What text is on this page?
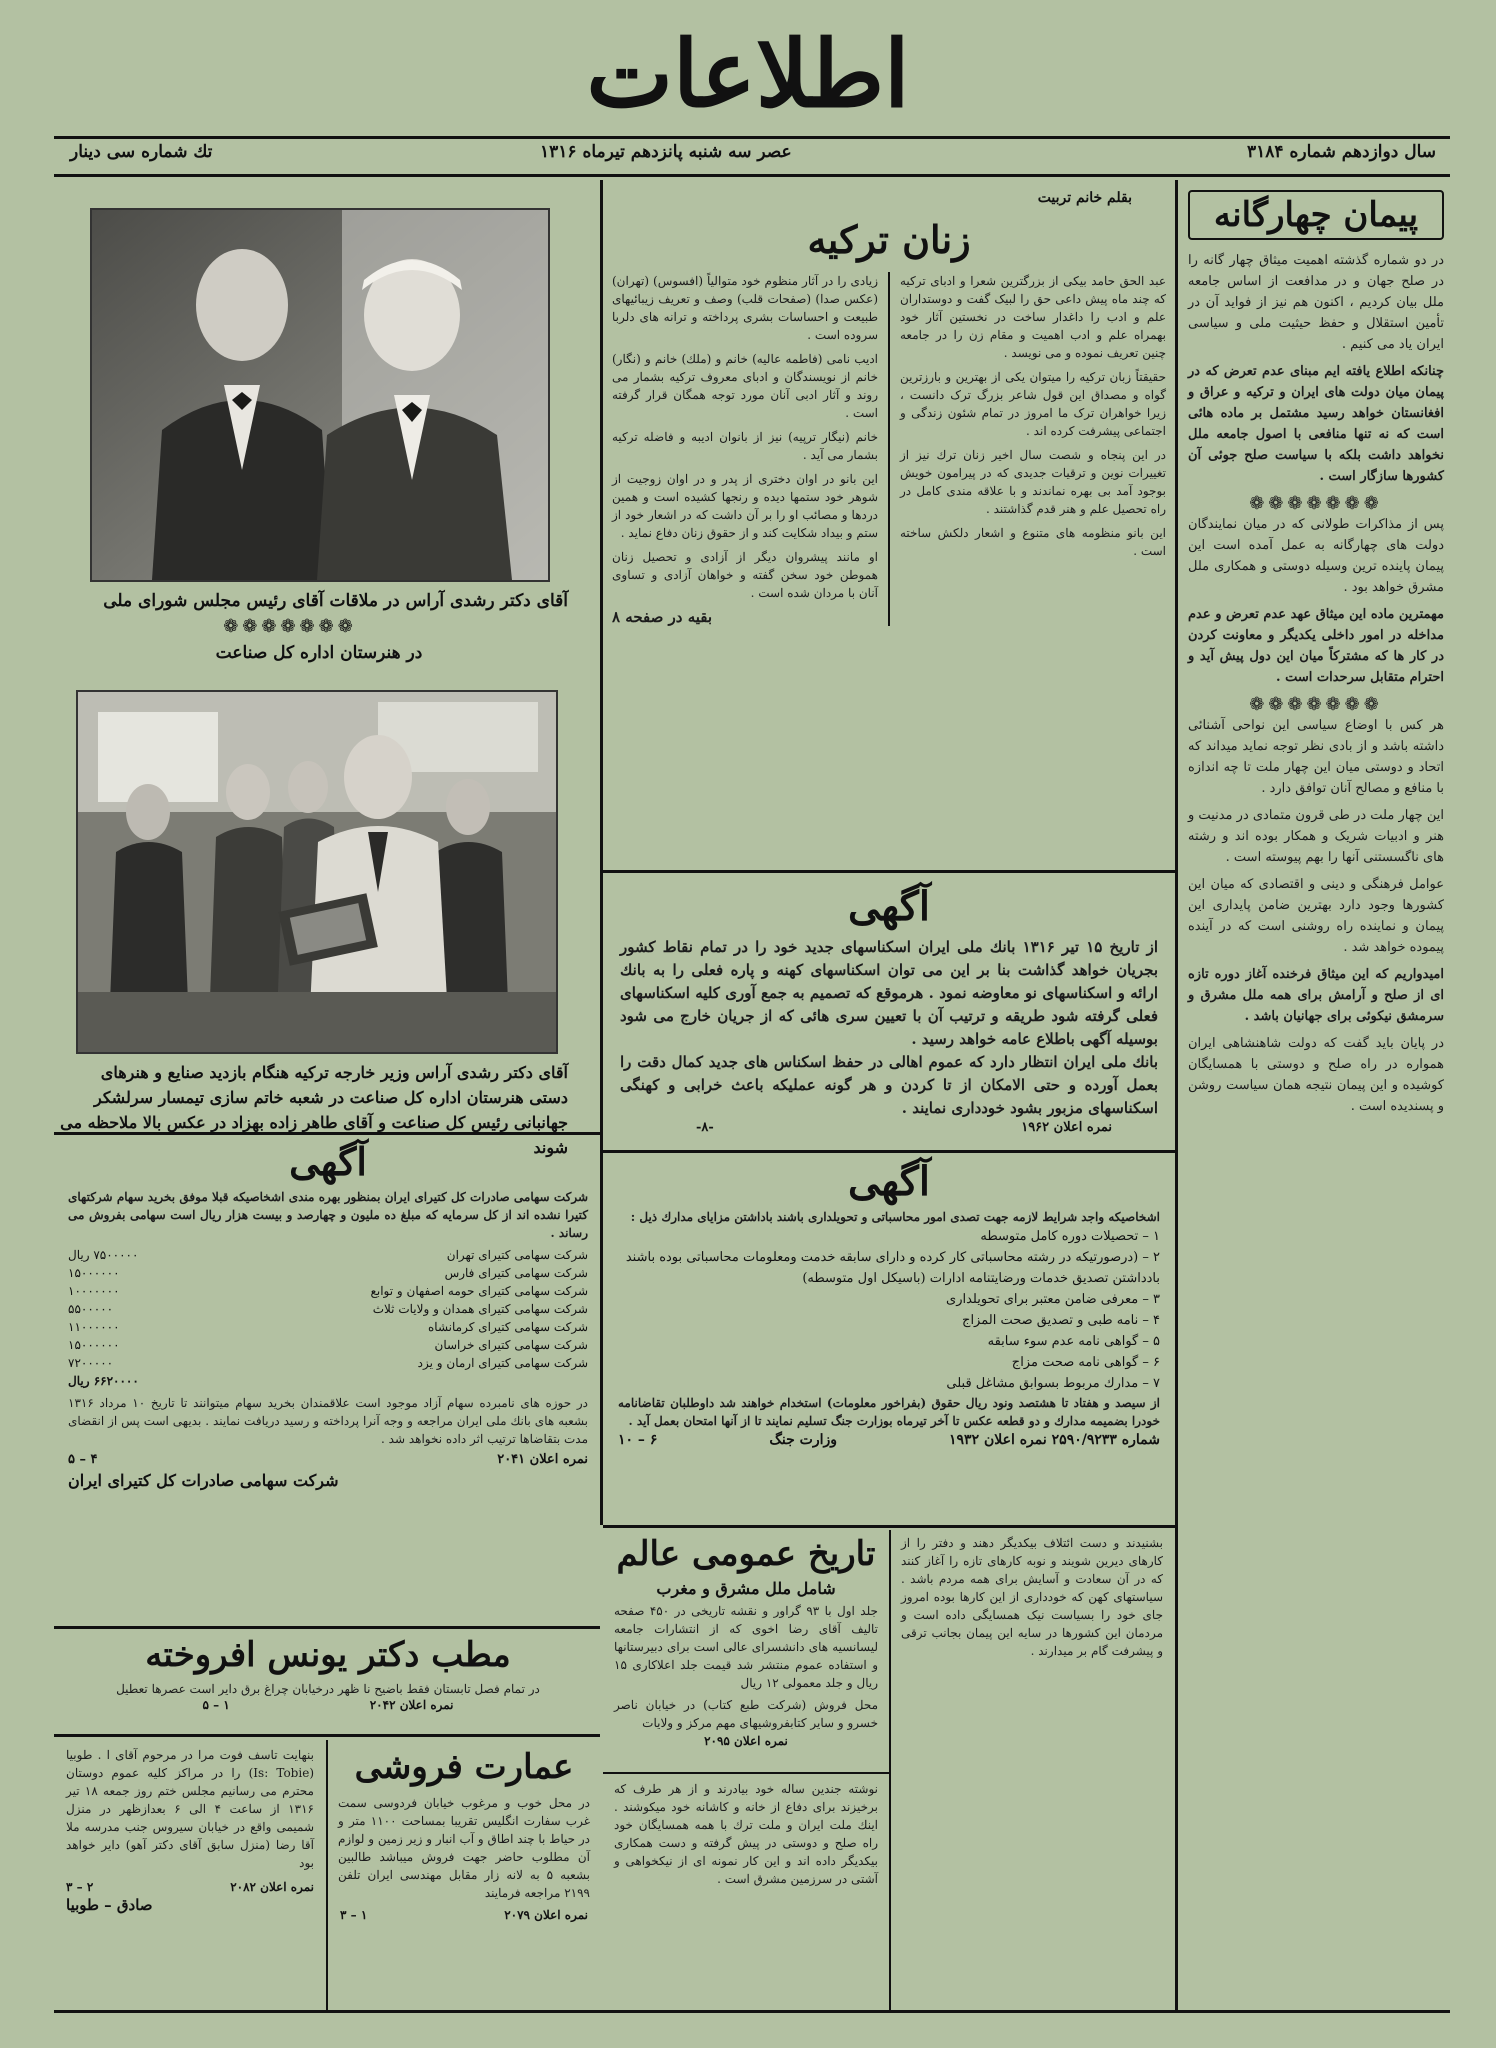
اطلاعات
سال دوازدهم شماره ۳۱۸۴
عصر سه شنبه پانزدهم تیرماه ۱۳۱۶
تك شماره سی دینار
پیمان چهارگانه

در دو شماره گذشته اهمیت میثاق چهار گانه را در صلح جهان و در مدافعت از اساس جامعه ملل بیان کردیم ، اکنون هم نیز از فواید آن در تأمین استقلال و حفظ حیثیت ملی و سیاسی ایران یاد می کنیم .

چنانکه اطلاع یافته ایم مبنای عدم تعرض که در پیمان میان دولت های ایران و ترکیه و عراق و افغانستان خواهد رسید مشتمل بر ماده هائی است که نه تنها منافعی با اصول جامعه ملل نخواهد داشت بلکه با سیاست صلح جوئی آن کشورها سازگار است .

❁❁❁❁❁❁❁

پس از مذاکرات طولانی که در میان نمایندگان دولت های چهارگانه به عمل آمده است این پیمان پاینده ترین وسیله دوستی و همکاری ملل مشرق خواهد بود .

مهمترین ماده این میثاق عهد عدم تعرض و عدم مداخله در امور داخلی یکدیگر و معاونت کردن در کار ها که مشترکاً میان این دول پیش آید و احترام متقابل سرحدات است .

❁❁❁❁❁❁❁

هر کس با اوضاع سیاسی این نواحی آشنائی داشته باشد و از بادی نظر توجه نماید میداند که اتحاد و دوستی میان این چهار ملت تا چه اندازه با منافع و مصالح آنان توافق دارد .

این چهار ملت در طی قرون متمادی در مدنیت و هنر و ادبیات شریک و همکار بوده اند و رشته های ناگسستنی آنها را بهم پیوسته است .

عوامل فرهنگی و دینی و اقتصادی که میان این کشورها وجود دارد بهترین ضامن پایداری این پیمان و نماینده راه روشنی است که در آینده پیموده خواهد شد .

امیدواریم که این میثاق فرخنده آغاز دوره تازه ای از صلح و آرامش برای همه ملل مشرق و سرمشق نیکوئی برای جهانیان باشد .

در پایان باید گفت که دولت شاهنشاهی ایران همواره در راه صلح و دوستی با همسایگان کوشیده و این پیمان نتیجه همان سیاست روشن و پسندیده است .

بقلم خانم تربیت
زنان ترکیه

عبد الحق حامد بیکی از بزرگترین شعرا و ادبای ترکیه که چند ماه پیش داعی حق را لبیک گفت و دوستداران علم و ادب را داغدار ساخت در نخستین آثار خود بهمراه علم و ادب اهمیت و مقام زن را در جامعه چنین تعریف نموده و می نویسد .

حقیقتاً زبان ترکیه را میتوان یکی از بهترین و بارزترین گواه و مصداق این قول شاعر بزرگ ترک دانست ، زیرا خواهران ترک ما امروز در تمام شئون زندگی و اجتماعی پیشرفت کرده اند .

در این پنجاه و شصت سال اخیر زنان ترك نیز از تغییرات نوین و ترقیات جدیدی که در پیرامون خویش بوجود آمد بی بهره نماندند و با علاقه مندی کامل در راه تحصیل علم و هنر قدم گذاشتند .

این بانو منظومه های متنوع و اشعار دلکش ساخته است .

زیادی را در آثار منظوم خود متوالیاً (افسوس) (تهران) (عکس صدا) (صفحات قلب) وصف و تعریف زیبائیهای طبیعت و احساسات بشری پرداخته و ترانه های دلربا سروده است .

ادیب نامی (فاطمه عالیه) خانم و (ملك) خانم و (نگار) خانم از نویسندگان و ادبای معروف ترکیه بشمار می روند و آثار ادبی آنان مورد توجه همگان قرار گرفته است .

خانم (نیگار ترپیه) نیز از بانوان ادیبه و فاضله ترکیه بشمار می آید .

این بانو در اوان دختری از پدر و در اوان زوجیت از شوهر خود ستمها دیده و رنجها کشیده است و همین دردها و مصائب او را بر آن داشت که در اشعار خود از ستم و بیداد شکایت کند و از حقوق زنان دفاع نماید .

او مانند پیشروان دیگر از آزادی و تحصیل زنان هموطن خود سخن گفته و خواهان آزادی و تساوی آنان با مردان شده است .

بقیه در صفحه ۸
آگهی
از تاریخ ۱۵ تیر ۱۳۱۶ بانك ملی ایران اسکناسهای جدید خود را در تمام نقاط کشور بجریان خواهد گذاشت بنا بر این می توان اسکناسهای کهنه و پاره فعلی را به بانك ارائه و اسکناسهای نو معاوضه نمود . هرموقع که تصمیم به جمع آوری کلیه اسکناسهای فعلی گرفته شود طریقه و ترتیب آن با تعیین سری هائی که از جریان خارج می شود بوسیله آگهی باطلاع عامه خواهد رسید .
بانك ملی ایران انتظار دارد که عموم اهالی در حفظ اسکناس های جدید کمال دقت را بعمل آورده و حتی الامکان از تا کردن و هر گونه عملیکه باعث خرابی و کهنگی اسکناسهای مزبور بشود خودداری نمایند .
نمره اعلان ۱۹۶۲
-۸-
آگهی
اشخاصیکه واجد شرایط لازمه جهت تصدی امور محاسباتی و تحویلداری باشند باداشتن مزایای مدارك ذیل :
۱ – تحصیلات دوره کامل متوسطه
۲ – (درصورتیکه در رشته محاسباتی کار کرده و دارای سابقه خدمت ومعلومات محاسباتی بوده باشند بادداشتن تصدیق خدمات ورضایتنامه ادارات (باسیکل اول متوسطه)
۳ – معرفی ضامن معتبر برای تحویلداری
۴ – نامه طبی و تصدیق صحت المزاج
۵ – گواهی نامه عدم سوء سابقه
۶ – گواهی نامه صحت مزاج
۷ – مدارك مربوط بسوابق مشاغل قبلی
از سیصد و هفتاد تا هشتصد ونود ریال حقوق (بفراخور معلومات) استخدام خواهند شد داوطلبان تقاضانامه خودرا بضمیمه مدارك و دو قطعه عکس تا آخر تیرماه بوزارت جنگ تسلیم نمایند تا از آنها امتحان بعمل آید .
شماره ۲۵۹۰/۹۲۳۳ نمره اعلان ۱۹۳۲
وزارت جنگ
۶ – ۱۰
بشنیدند و دست ائتلاف بیکدیگر دهند و دفتر را از کارهای دیرین شویند و نوبه کارهای تازه را آغاز کنند که در آن سعادت و آسایش برای همه مردم باشد . سیاستهای کهن که خودداری از این کارها بوده امروز جای خود را بسیاست نیک همسایگی داده است و مردمان این کشورها در سایه این پیمان بجانب ترقی و پیشرفت گام بر میدارند .
تاریخ عمومی عالم
شامل ملل مشرق و مغرب
جلد اول با ۹۳ گراور و نقشه تاریخی در ۴۵۰ صفحه تالیف آقای رضا اخوی که از انتشارات جامعه لیسانسیه های دانشسرای عالی است برای دبیرستانها و استفاده عموم منتشر شد قیمت جلد اعلاکاری ۱۵ ریال و جلد معمولی ۱۲ ریال
محل فروش (شرکت طبع کتاب) در خیابان ناصر خسرو و سایر کتابفروشیهای مهم مرکز و ولایات
نمره اعلان ۲۰۹۵
نوشته جندین ساله خود بیادرند و از هر طرف که برخیزند برای دفاع از خانه و کاشانه خود میکوشند . اینك ملت ایران و ملت ترك با همه همسایگان خود راه صلح و دوستی در پیش گرفته و دست همکاری بیکدیگر داده اند و این کار نمونه ای از نیکخواهی و آشتی در سرزمین مشرق است .
آقای دکتر رشدی آراس در ملاقات آقای رئیس مجلس شورای ملی
❁❁❁❁❁❁❁
در هنرستان اداره کل صناعت
آقای دکتر رشدی آراس وزیر خارجه ترکیه هنگام بازدید صنایع و هنرهای دستی هنرستان اداره کل صناعت در شعبه خاتم سازی تیمسار سرلشکر جهانبانی رئیس کل صناعت و آقای طاهر زاده بهزاد در عکس بالا ملاحظه می شوند
آگهی
شرکت سهامی صادرات کل کتیرای ایران بمنظور بهره مندی اشخاصیکه قبلا موفق بخرید سهام شرکتهای کتیرا نشده اند از کل سرمایه که مبلغ ده ملیون و چهارصد و بیست هزار ریال است سهامی بفروش می رساند .
شرکت سهامی کتیرای تهران
۷۵۰۰۰۰۰ ریال
شرکت سهامی کتیرای فارس
۱۵۰۰۰۰۰۰
شرکت سهامی کتیرای حومه اصفهان و توابع
۱۰۰۰۰۰۰۰
شرکت سهامی کتیرای همدان و ولایات ثلاث
۵۵۰۰۰۰۰
شرکت سهامی کتیرای کرمانشاه
۱۱۰۰۰۰۰۰
شرکت سهامی کتیرای خراسان
۱۵۰۰۰۰۰۰
شرکت سهامی کتیرای ارمان و یزد
۷۲۰۰۰۰۰
۶۶۲۰۰۰۰ ریال
در حوزه های نامبرده سهام آزاد موجود است علاقمندان بخرید سهام میتوانند تا تاریخ ۱۰ مرداد ۱۳۱۶ بشعبه های بانك ملی ایران مراجعه و وجه آنرا پرداخته و رسید دریافت نمایند . بدیهی است پس از انقضای مدت بتقاضاها ترتیب اثر داده نخواهد شد .
نمره اعلان ۲۰۴۱
۴ – ۵
شرکت سهامی صادرات کل کتیرای ایران
مطب دکتر یونس افروخته
در تمام فصل تابستان فقط باضیح نا ظهر درخیابان چراغ برق دایر است عصرها تعطیل
نمره اعلان ۲۰۴۲
۱ – ۵
عمارت فروشی
در محل خوب و مرغوب خیابان فردوسی سمت غرب سفارت انگلیس تقریبا بمساحت ۱۱۰۰ متر و در حیاط با چند اطاق و آب انبار و زیر زمین و لوازم آن مطلوب حاضر جهت فروش میباشد طالبین بشعبه ۵ به لانه زار مقابل مهندسی ایران تلفن ۲۱۹۹ مراجعه فرمایند
نمره اعلان ۲۰۷۹
۱ – ۳
بنهایت تاسف فوت مرا در مرحوم آقای ا . طوبیا (Is: Tobie) را در مراکز کلیه عموم دوستان محترم می رسانیم مجلس ختم روز جمعه ۱۸ تیر ۱۳۱۶ از ساعت ۴ الی ۶ بعدازظهر در منزل شمیمی واقع در خیابان سیروس جنب مدرسه ملا آقا رضا (منزل سابق آقای دکتر آهو) دایر خواهد بود
نمره اعلان ۲۰۸۲
۲ – ۳
صادق – طوبیا
